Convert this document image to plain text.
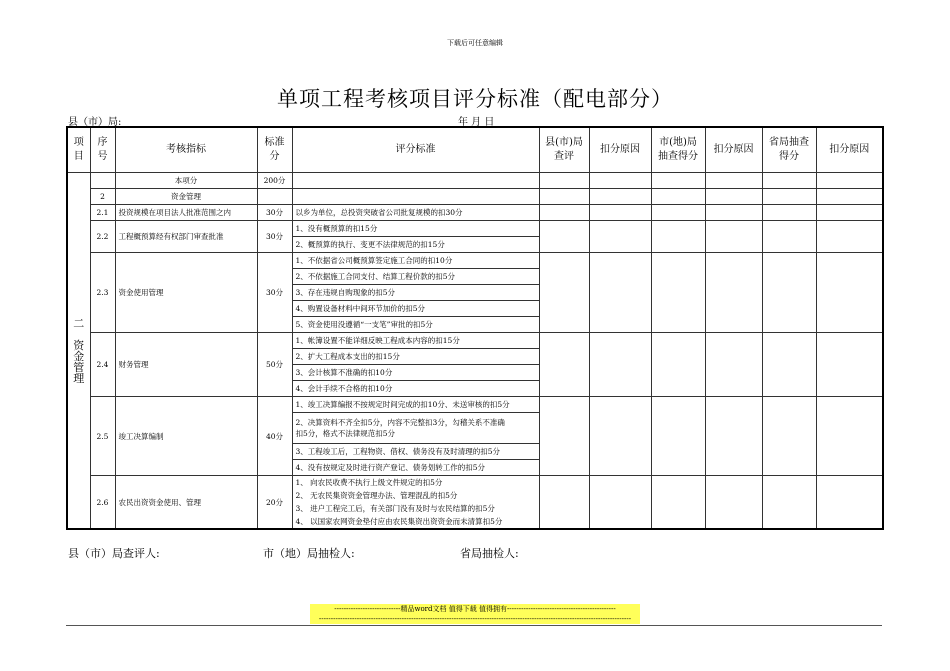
下载后可任意编辑
单项工程考核项目评分标准（配电部分）
县（市）局:	年 月 日
项目	序号	考核指标	标准分	评分标准	县(市)局查评	扣分原因	市(地)局抽查得分	扣分原因	省局抽查得分	扣分原因
二

资
金
管
理		本项分	200分							
	2	资金管理								
	2.1	投资规模在项目法人批准范围之内	30分	以乡为单位，总投资突破省公司批复规模的扣30分						
	2.2	工程概预算经有权部门审查批准	30分	1、没有概预算的扣15分						
				2、概预算的执行、变更不法律规范的扣15分						
	2.3	资金使用管理	30分	1、不依据省公司概预算签定施工合同的扣10分						
				2、不依据施工合同支付、结算工程价款的扣5分						
				3、存在违规自购现象的扣5分						
				4、购置设备材料中间环节加价的扣5分						
				5、资金使用没遵循“一支笔”审批的扣5分						
	2.4	财务管理	50分	1、帐簿设置不能详细反映工程成本内容的扣15分						
				2、扩大工程成本支出的扣15分						
				3、会计核算不准确的扣10分						
				4、会计手续不合格的扣10分						
	2.5	竣工决算编制	40分	1、竣工决算编报不按规定时间完成的扣10分、未送审核的扣5分						
				2、决算资料不齐全扣5分，内容不完整扣3分，勾稽关系不准确
扣5分，格式不法律规范扣5分						
				3、工程竣工后，工程物资、借权、债务没有及时清理的扣5分						
				4、没有按规定及时进行资产登记、债务划转工作的扣5分						
	2.6	农民出资资金使用、管理	20分	1、 向农民收费不执行上级文件规定的扣5分						
				2、 无农民集资资金管理办法、管理混乱的扣5分						
				3、 进户工程完工后，有关部门没有及时与农民结算的扣5分						
				4、 以国家农网资金垫付应由农民集资出资资金而未清算扣5分						
县（市）局查评人:	市（地）局抽检人:	省局抽检人:
----------------------------精品word文档 值得下载 值得拥有----------------------------------------------
------------------------------------------------------------------------------------------------------------------------------------
